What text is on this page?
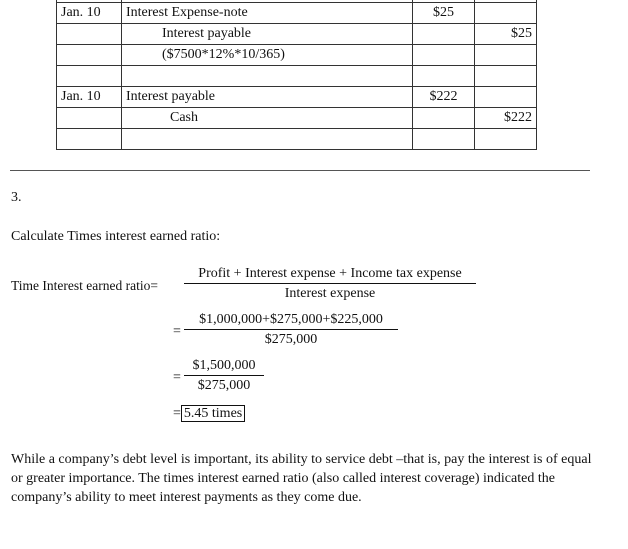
Jan. 10	Interest Expense-note	$25	
	Interest payable		$25
	($7500*12%*10/365)		

Jan. 10	Interest payable	$222	
	Cash		$222

3.
Calculate Times interest earned ratio:
Time Interest earned ratio=
Profit + Interest expense + Income tax expense
Interest expense
= $\frac{\$1,000,000+\$275,000+\$225,000}{\$275,000}$
= $\frac{\$1,500,000}{\$275,000}$
= 5.45 times
While a company’s debt level is important, its ability to service debt –that is, pay the interest is of equal or greater importance. The times interest earned ratio (also called interest coverage) indicated the company’s ability to meet interest payments as they come due.
